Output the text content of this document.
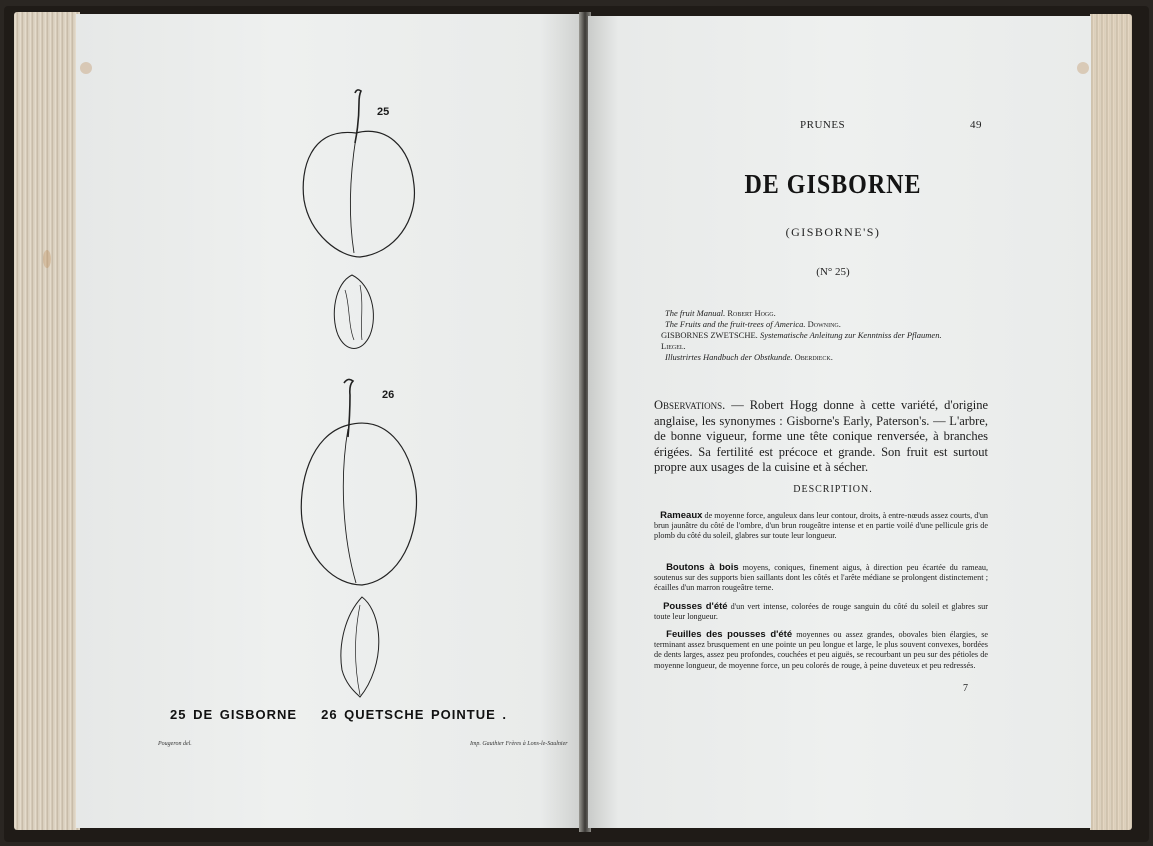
25
26
25 DE GISBORNE 26 QUETSCHE POINTUE .
Pougeron del.	Imp. Gauthier Frères à Lons-le-Saulnier
PRUNES	49
DE GISBORNE
(GISBORNE'S)
(N° 25)
The fruit Manual. Robert Hogg.
The Fruits and the fruit-trees of America. Downing.
GISBORNES ZWETSCHE. Systematische Anleitung zur Kenntniss der Pflaumen.
Liegel.
Illustrirtes Handbuch der Obstkunde. Oberdieck.
Observations. — Robert Hogg donne à cette variété, d'origine anglaise, les synonymes : Gisborne's Early, Paterson's. — L'arbre, de bonne vigueur, forme une tête conique renversée, à branches érigées. Sa fertilité est précoce et grande. Son fruit est surtout propre aux usages de la cuisine et à sécher.
DESCRIPTION.
Rameaux de moyenne force, anguleux dans leur contour, droits, à entre-nœuds assez courts, d'un brun jaunâtre du côté de l'ombre, d'un brun rougeâtre intense et en partie voilé d'une pellicule gris de plomb du côté du soleil, glabres sur toute leur longueur.
Boutons à bois moyens, coniques, finement aigus, à direction peu écartée du rameau, soutenus sur des supports bien saillants dont les côtés et l'arête médiane se prolongent distinctement ; écailles d'un marron rougeâtre terne.
Pousses d'été d'un vert intense, colorées de rouge sanguin du côté du soleil et glabres sur toute leur longueur.
Feuilles des pousses d'été moyennes ou assez grandes, obovales bien élargies, se terminant assez brusquement en une pointe un peu longue et large, le plus souvent convexes, bordées de dents larges, assez peu profondes, couchées et peu aiguës, se recourbant un peu sur des pétioles de moyenne longueur, de moyenne force, un peu colorés de rouge, à peine duveteux et peu redressés.
7
